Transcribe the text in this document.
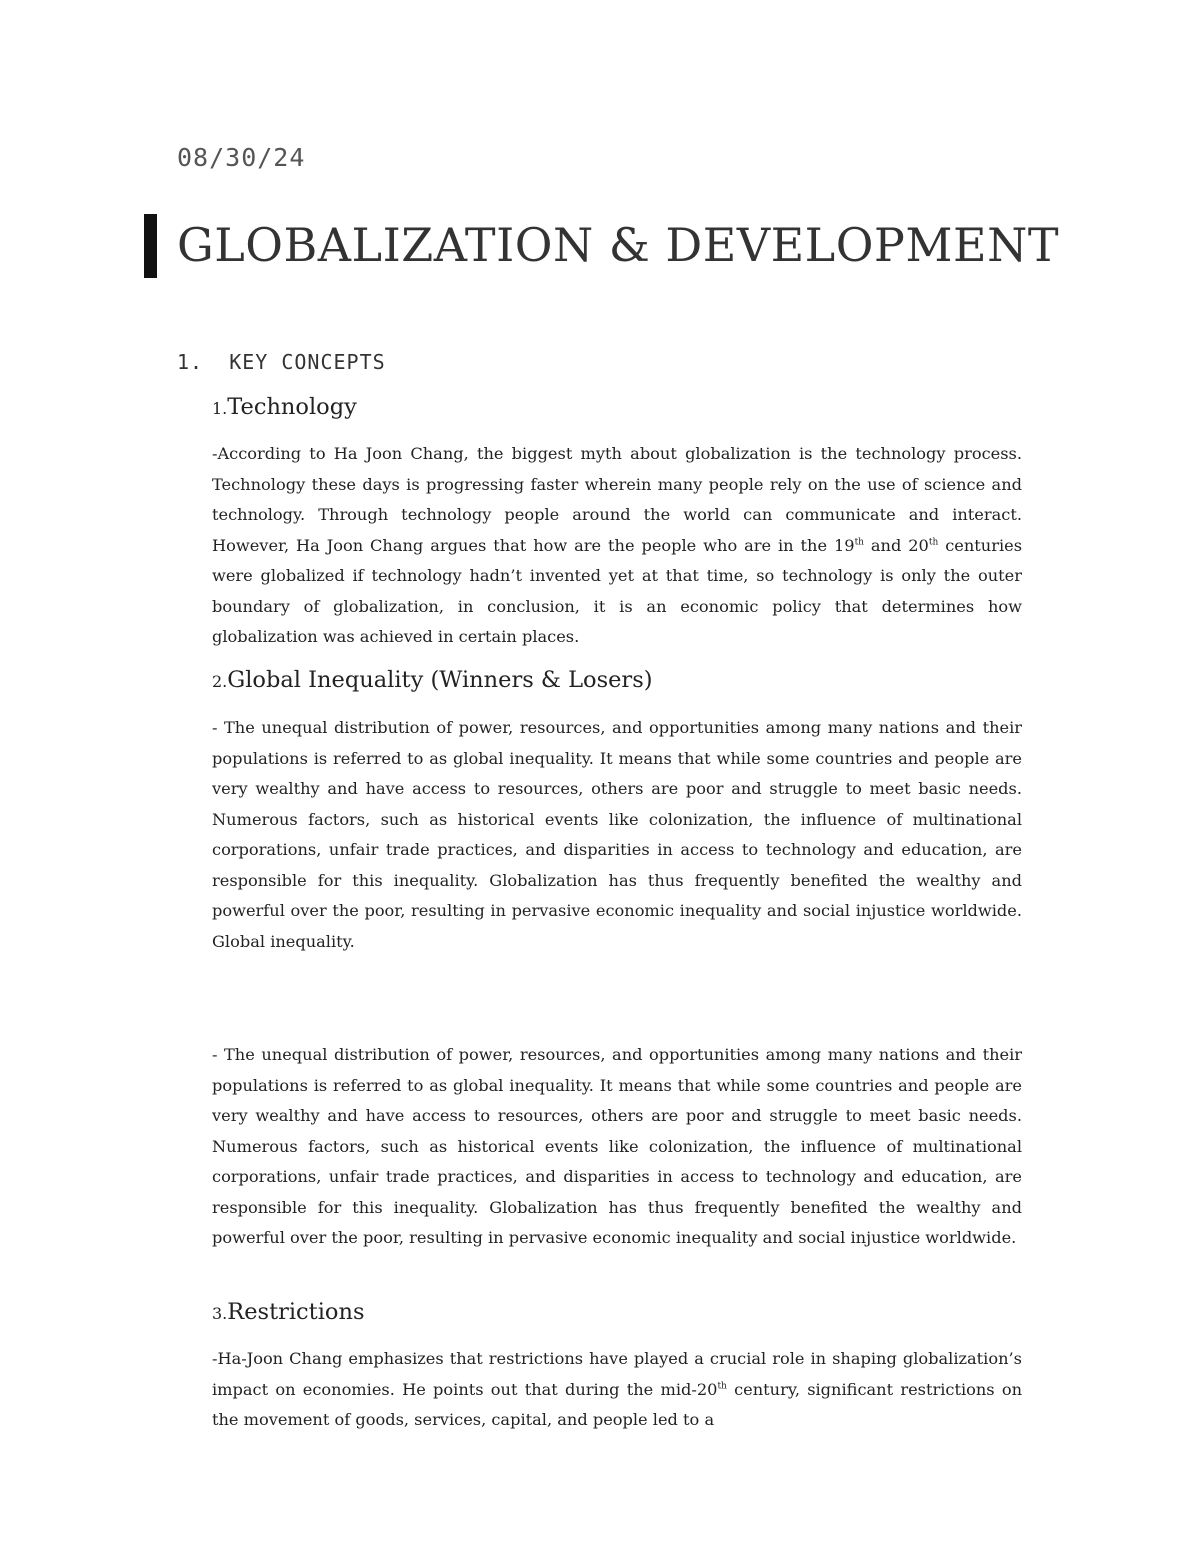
08/30/24
GLOBALIZATION & DEVELOPMENT
1. KEY CONCEPTS
1.Technology

-According to Ha Joon Chang, the biggest myth about globalization is the technology process. Technology these days is progressing faster wherein many people rely on the use of science and technology. Through technology people around the world can communicate and interact. However, Ha Joon Chang argues that how are the people who are in the 19th and 20th centuries were globalized if technology hadn’t invented yet at that time, so technology is only the outer boundary of globalization, in conclusion, it is an economic policy that determines how globalization was achieved in certain places.

2.Global Inequality (Winners & Losers)

- The unequal distribution of power, resources, and opportunities among many nations and their populations is referred to as global inequality. It means that while some countries and people are very wealthy and have access to resources, others are poor and struggle to meet basic needs. Numerous factors, such as historical events like colonization, the influence of multinational corporations, unfair trade practices, and disparities in access to technology and education, are responsible for this inequality. Globalization has thus frequently benefited the wealthy and powerful over the poor, resulting in pervasive economic inequality and social injustice worldwide. Global inequality.

- The unequal distribution of power, resources, and opportunities among many nations and their populations is referred to as global inequality. It means that while some countries and people are very wealthy and have access to resources, others are poor and struggle to meet basic needs. Numerous factors, such as historical events like colonization, the influence of multinational corporations, unfair trade practices, and disparities in access to technology and education, are responsible for this inequality. Globalization has thus frequently benefited the wealthy and powerful over the poor, resulting in pervasive economic inequality and social injustice worldwide.

3.Restrictions

-Ha-Joon Chang emphasizes that restrictions have played a crucial role in shaping globalization’s impact on economies. He points out that during the mid-20th century, significant restrictions on the movement of goods, services, capital, and people led to a
